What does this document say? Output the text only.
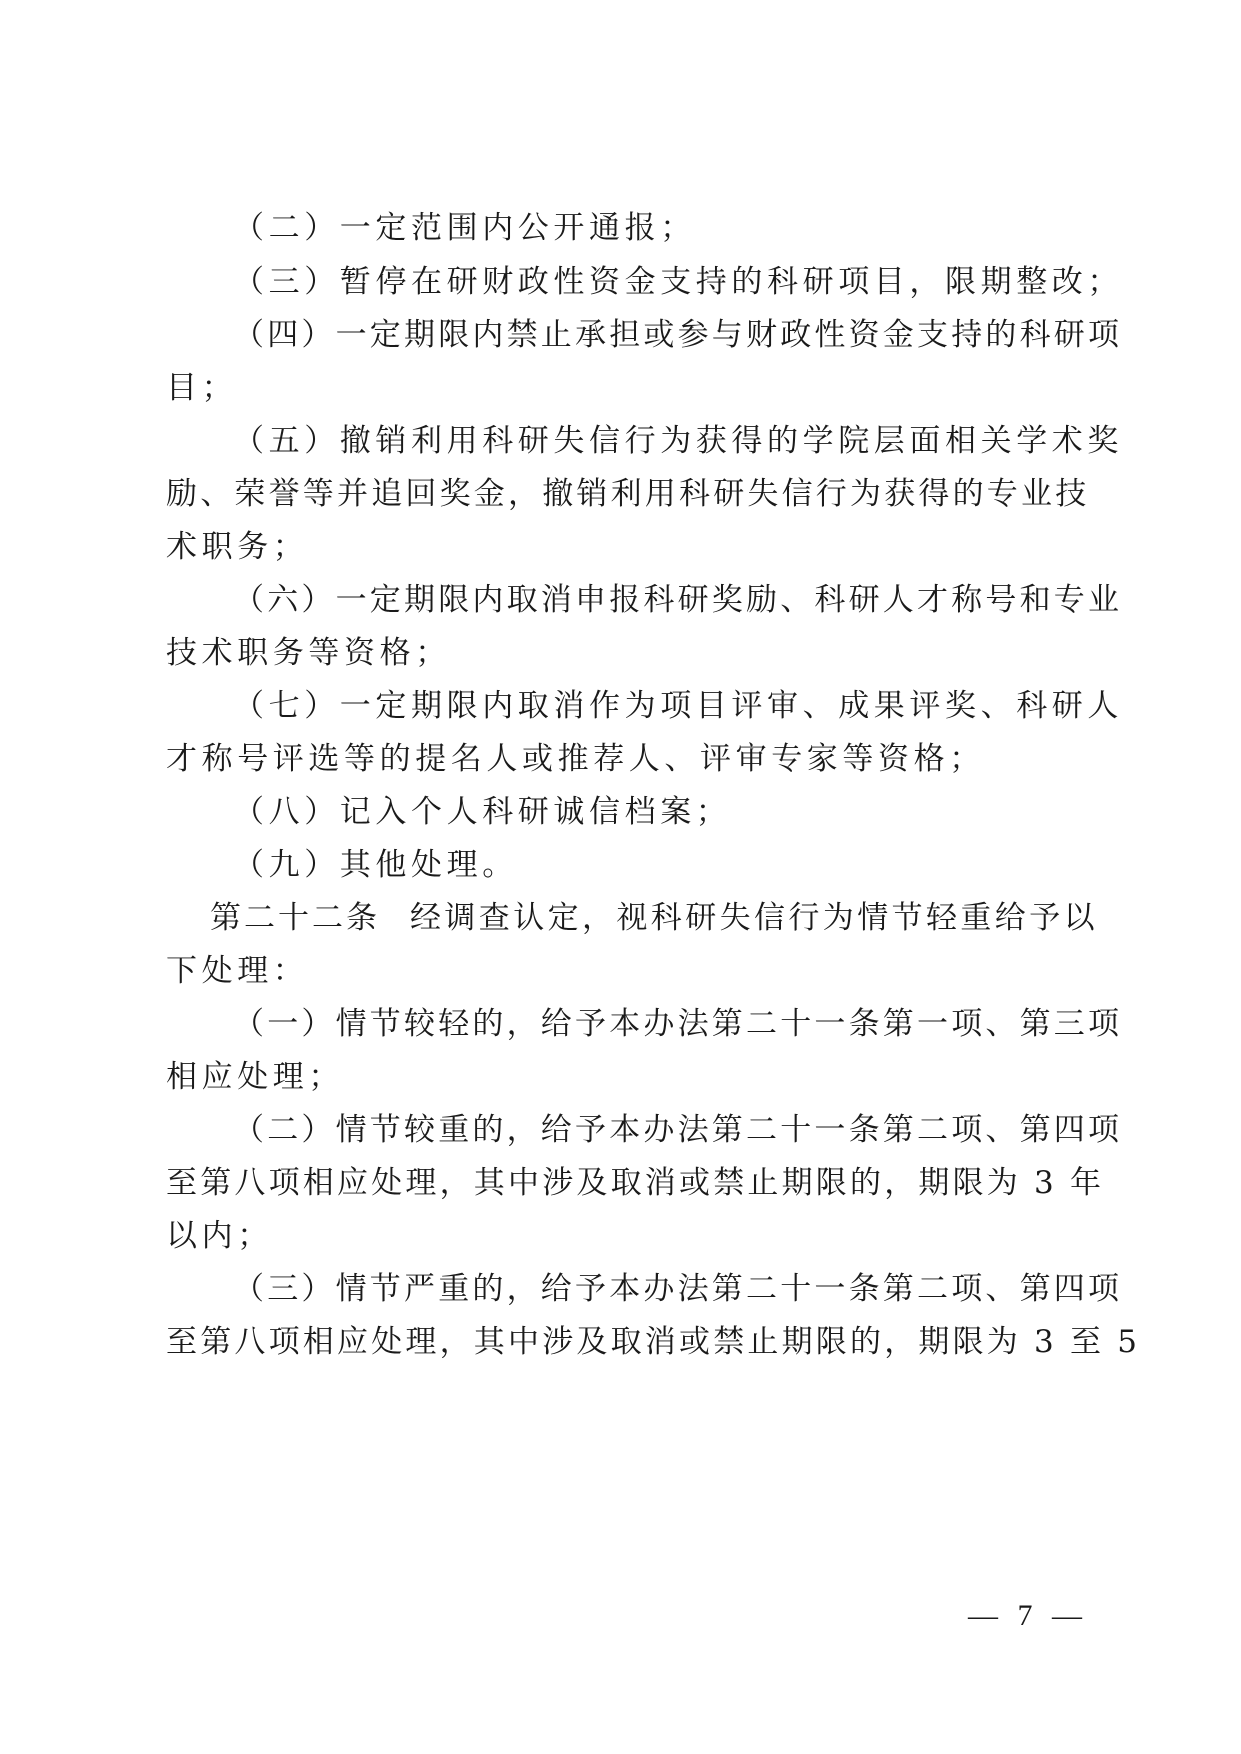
（二）一定范围内公开通报；
（三）暂停在研财政性资金支持的科研项目，限期整改；
（四）一定期限内禁止承担或参与财政性资金支持的科研项
目；
（五）撤销利用科研失信行为获得的学院层面相关学术奖
励、荣誉等并追回奖金，撤销利用科研失信行为获得的专业技
术职务；
（六）一定期限内取消申报科研奖励、科研人才称号和专业
技术职务等资格；
（七）一定期限内取消作为项目评审、成果评奖、科研人
才称号评选等的提名人或推荐人、评审专家等资格；
（八）记入个人科研诚信档案；
（九）其他处理。
第二十二条 经调查认定，视科研失信行为情节轻重给予以
下处理：
（一）情节较轻的，给予本办法第二十一条第一项、第三项
相应处理；
（二）情节较重的，给予本办法第二十一条第二项、第四项
至第八项相应处理，其中涉及取消或禁止期限的，期限为 3 年
以内；
（三）情节严重的，给予本办法第二十一条第二项、第四项
至第八项相应处理，其中涉及取消或禁止期限的，期限为 3 至 5
— 7 —
